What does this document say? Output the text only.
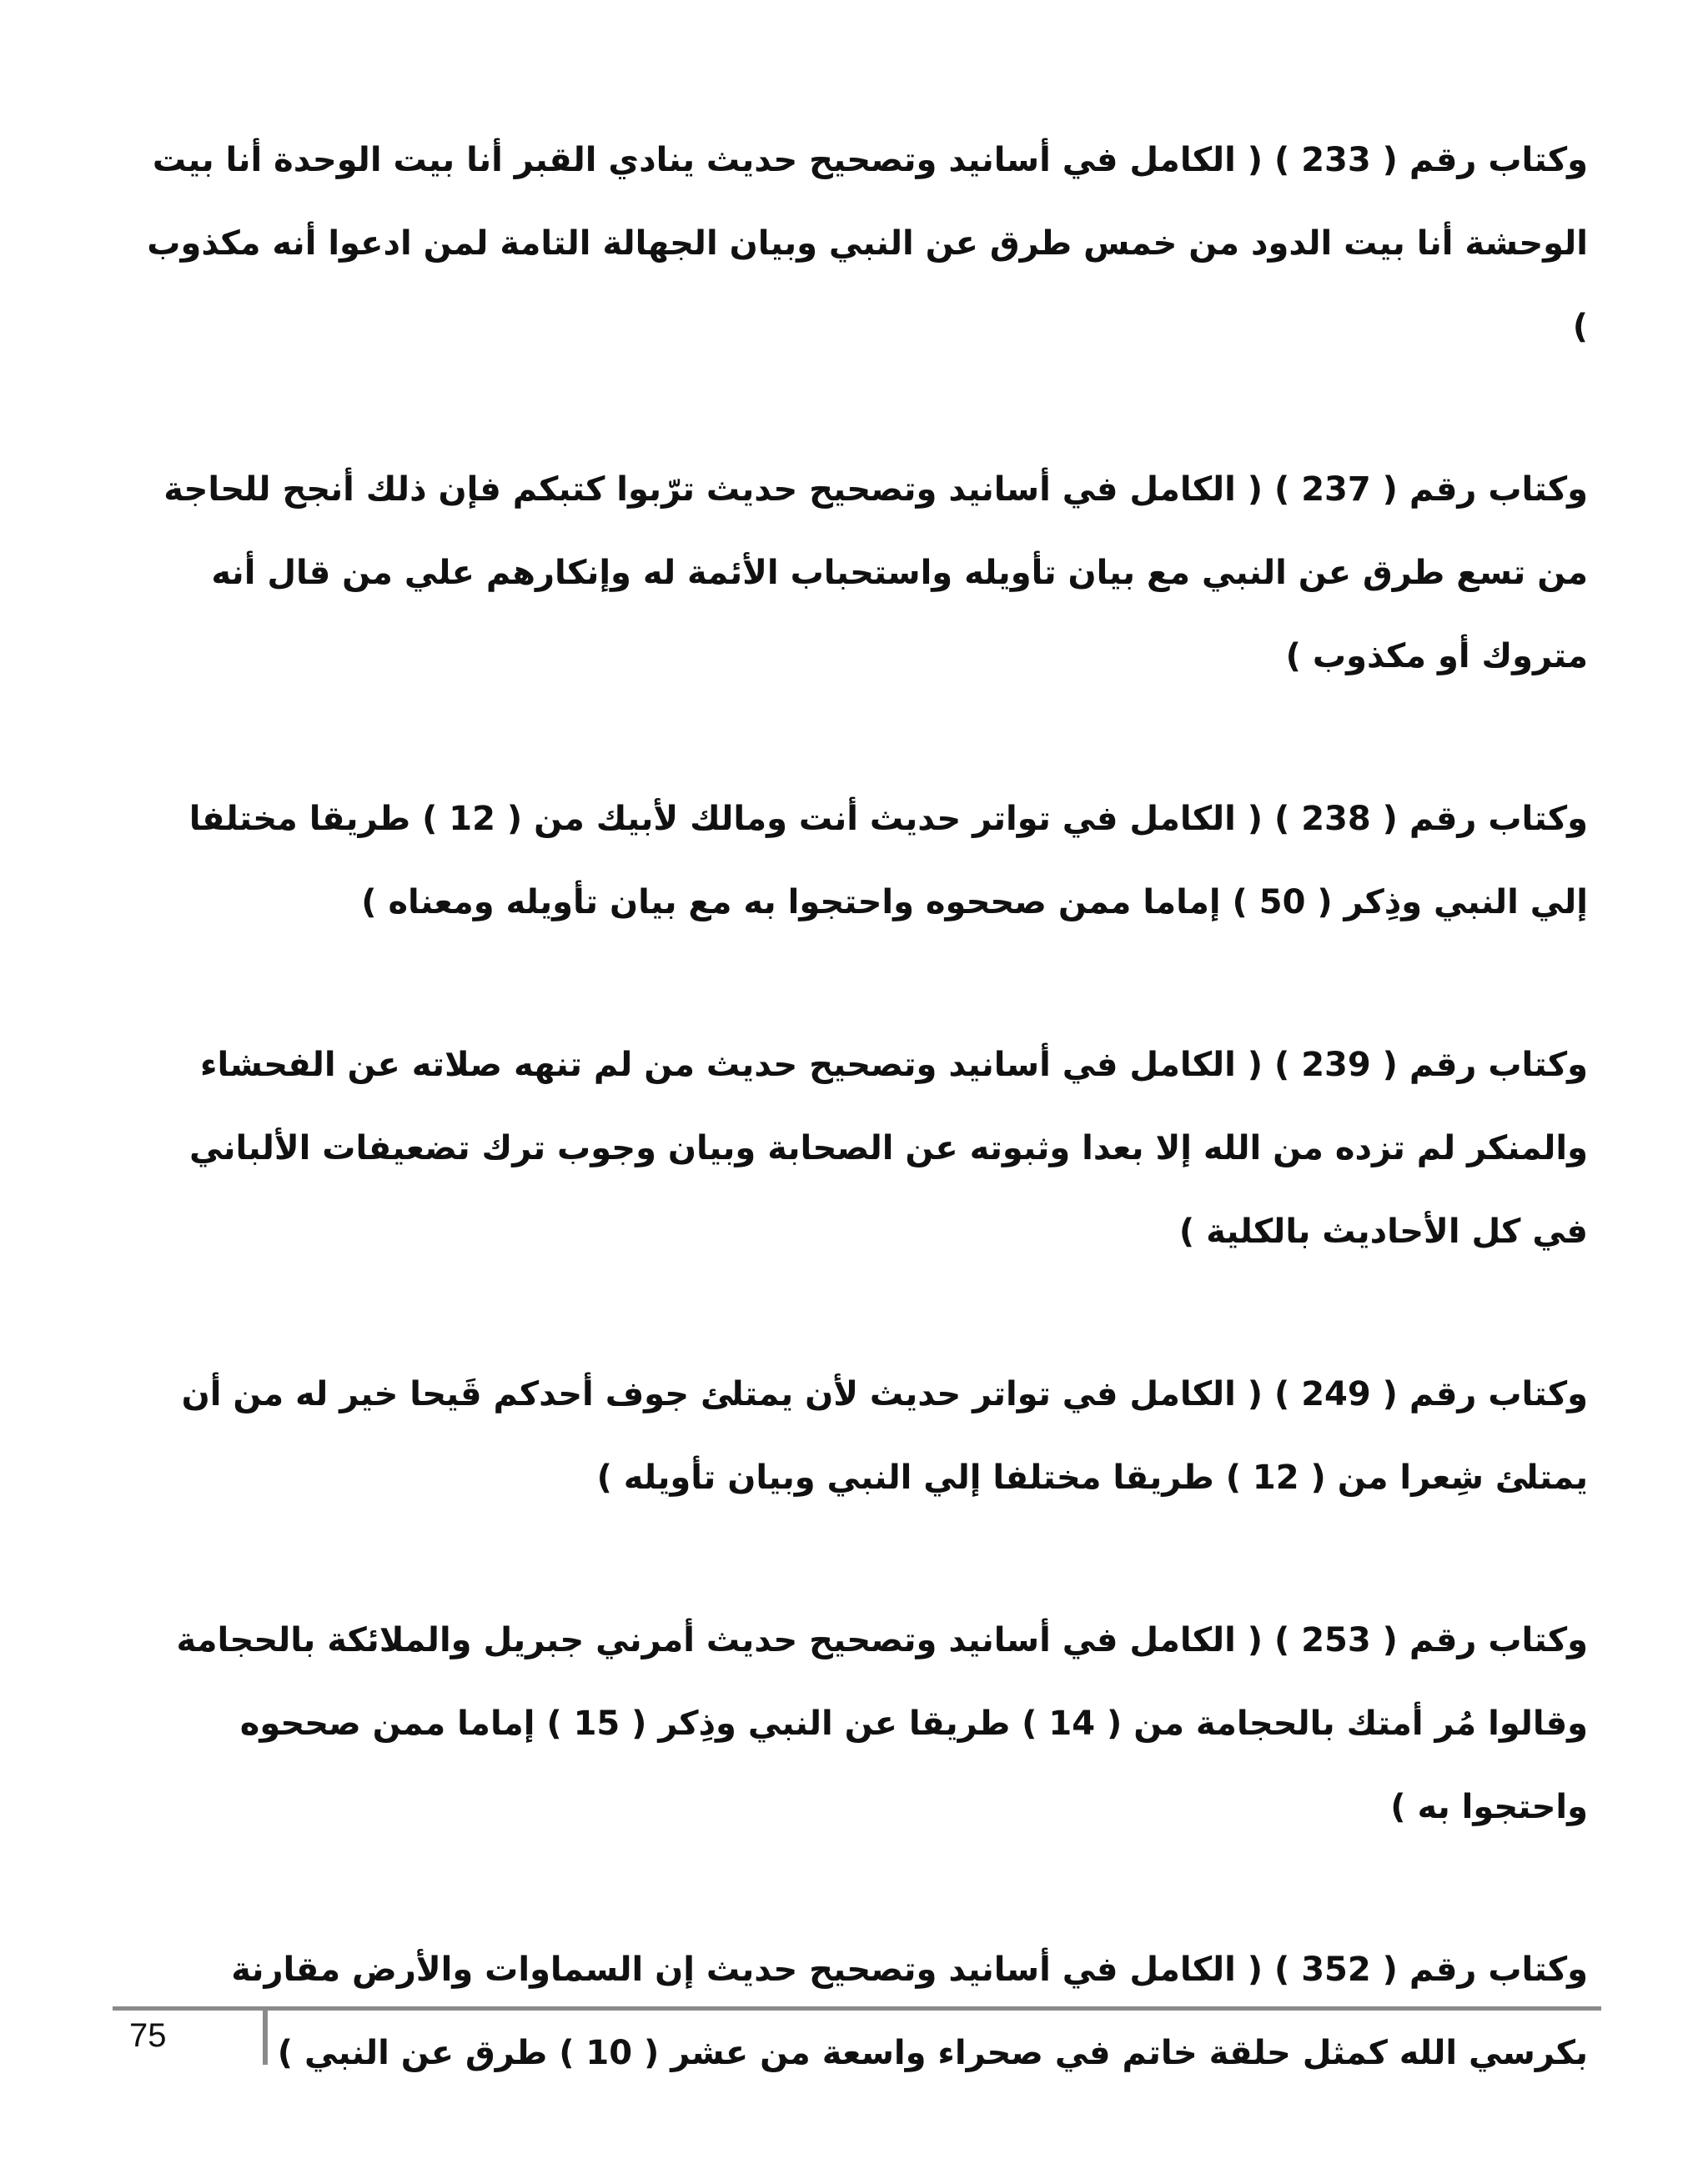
وكتاب رقم ( 233 ) ( الكامل في أسانيد وتصحيح حديث ينادي القبر أنا بيت الوحدة أنا بيت الوحشة أنا بيت الدود من خمس طرق عن النبي وبيان الجهالة التامة لمن ادعوا أنه مكذوب )

وكتاب رقم ( 237 ) ( الكامل في أسانيد وتصحيح حديث ترّبوا كتبكم فإن ذلك أنجح للحاجة من تسع طرق عن النبي مع بيان تأويله واستحباب الأئمة له وإنكارهم علي من قال أنه متروك أو مكذوب )

وكتاب رقم ( 238 ) ( الكامل في تواتر حديث أنت ومالك لأبيك من ( 12 ) طريقا مختلفا إلي النبي وذِكر ( 50 ) إماما ممن صححوه واحتجوا به مع بيان تأويله ومعناه )

وكتاب رقم ( 239 ) ( الكامل في أسانيد وتصحيح حديث من لم تنهه صلاته عن الفحشاء والمنكر لم تزده من الله إلا بعدا وثبوته عن الصحابة وبيان وجوب ترك تضعيفات الألباني في كل الأحاديث بالكلية )

وكتاب رقم ( 249 ) ( الكامل في تواتر حديث لأن يمتلئ جوف أحدكم قَيحا خير له من أن يمتلئ شِعرا من ( 12 ) طريقا مختلفا إلي النبي وبيان تأويله )

وكتاب رقم ( 253 ) ( الكامل في أسانيد وتصحيح حديث أمرني جبريل والملائكة بالحجامة وقالوا مُر أمتك بالحجامة من ( 14 ) طريقا عن النبي وذِكر ( 15 ) إماما ممن صححوه واحتجوا به )

وكتاب رقم ( 352 ) ( الكامل في أسانيد وتصحيح حديث إن السماوات والأرض مقارنة بكرسي الله كمثل حلقة خاتم في صحراء واسعة من عشر ( 10 ) طرق عن النبي )

75
